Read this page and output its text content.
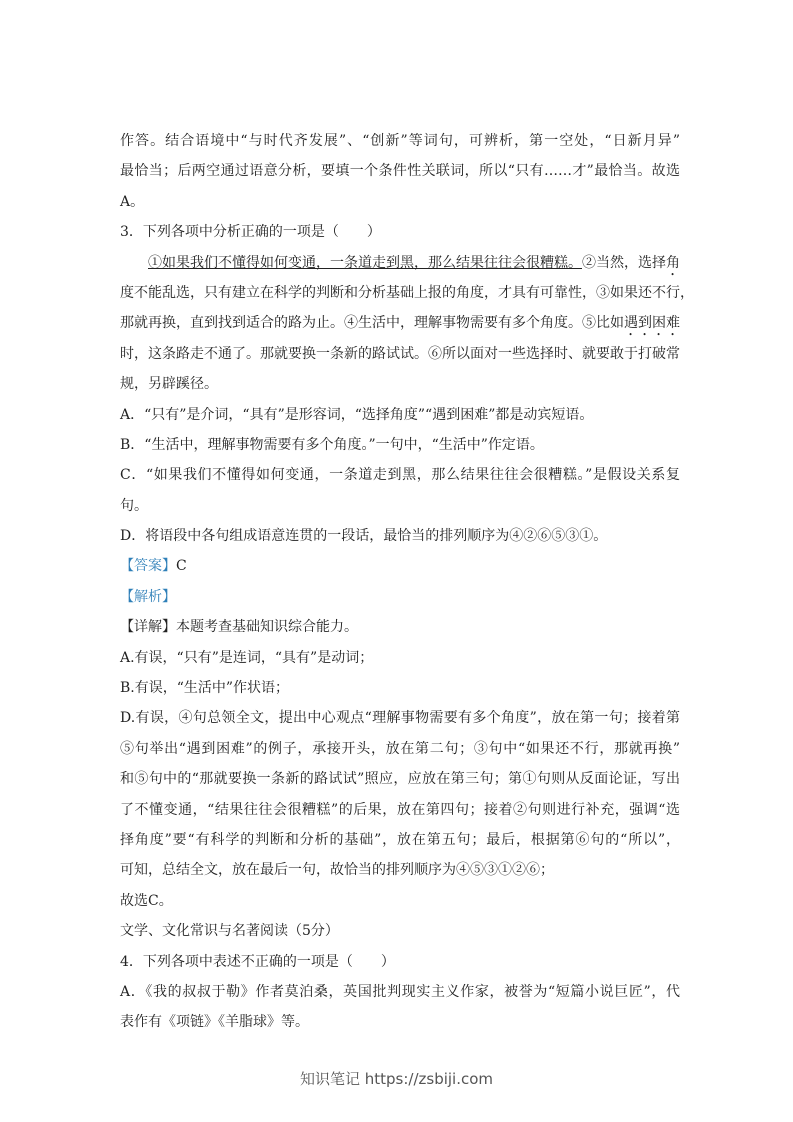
作答。结合语境中“与时代齐发展”、“创新”等词句，可辨析，第一空处，“日新月异”
最恰当；后两空通过语意分析，要填一个条件性关联词，所以“只有……才”最恰当。故选
A。
3．下列各项中分析正确的一项是（　　）
①如果我们不懂得如何变通，一条道走到黑，那么结果往往会很糟糕。②当然，选择角
度不能乱选，只有建立在科学的判断和分析基础上报的角度，才具有可靠性，③如果还不行，
那就再换，直到找到适合的路为止。④生活中，理解事物需要有多个角度。⑤比如遇到困难
时，这条路走不通了。那就要换一条新的路试试。⑥所以面对一些选择时、就要敢于打破常
规，另辟蹊径。
A．“只有”是介词，“具有”是形容词，“选择角度”“遇到困难”都是动宾短语。
B．“生活中，理解事物需要有多个角度。”一句中，“生活中”作定语。
C．“如果我们不懂得如何变通，一条道走到黑，那么结果往往会很糟糕。”是假设关系复
句。
D．将语段中各句组成语意连贯的一段话，最恰当的排列顺序为④②⑥⑤③①。
【答案】C
【解析】
【详解】本题考查基础知识综合能力。
A.有误，“只有”是连词，“具有”是动词；
B.有误，“生活中”作状语；
D.有误，④句总领全文，提出中心观点“理解事物需要有多个角度”，放在第一句；接着第
⑤句举出“遇到困难”的例子，承接开头，放在第二句；③句中“如果还不行，那就再换”
和⑤句中的“那就要换一条新的路试试”照应，应放在第三句；第①句则从反面论证，写出
了不懂变通，“结果往往会很糟糕”的后果，放在第四句；接着②句则进行补充，强调“选
择角度”要“有科学的判断和分析的基础”，放在第五句；最后，根据第⑥句的“所以”，
可知，总结全文，放在最后一句，故恰当的排列顺序为④⑤③①②⑥；
故选C。
文学、文化常识与名著阅读（5分）
4．下列各项中表述不正确的一项是（　　）
A．《我的叔叔于勒》作者莫泊桑，英国批判现实主义作家，被誉为“短篇小说巨匠”，代
表作有《项链》《羊脂球》等。
知识笔记 https://zsbiji.com
